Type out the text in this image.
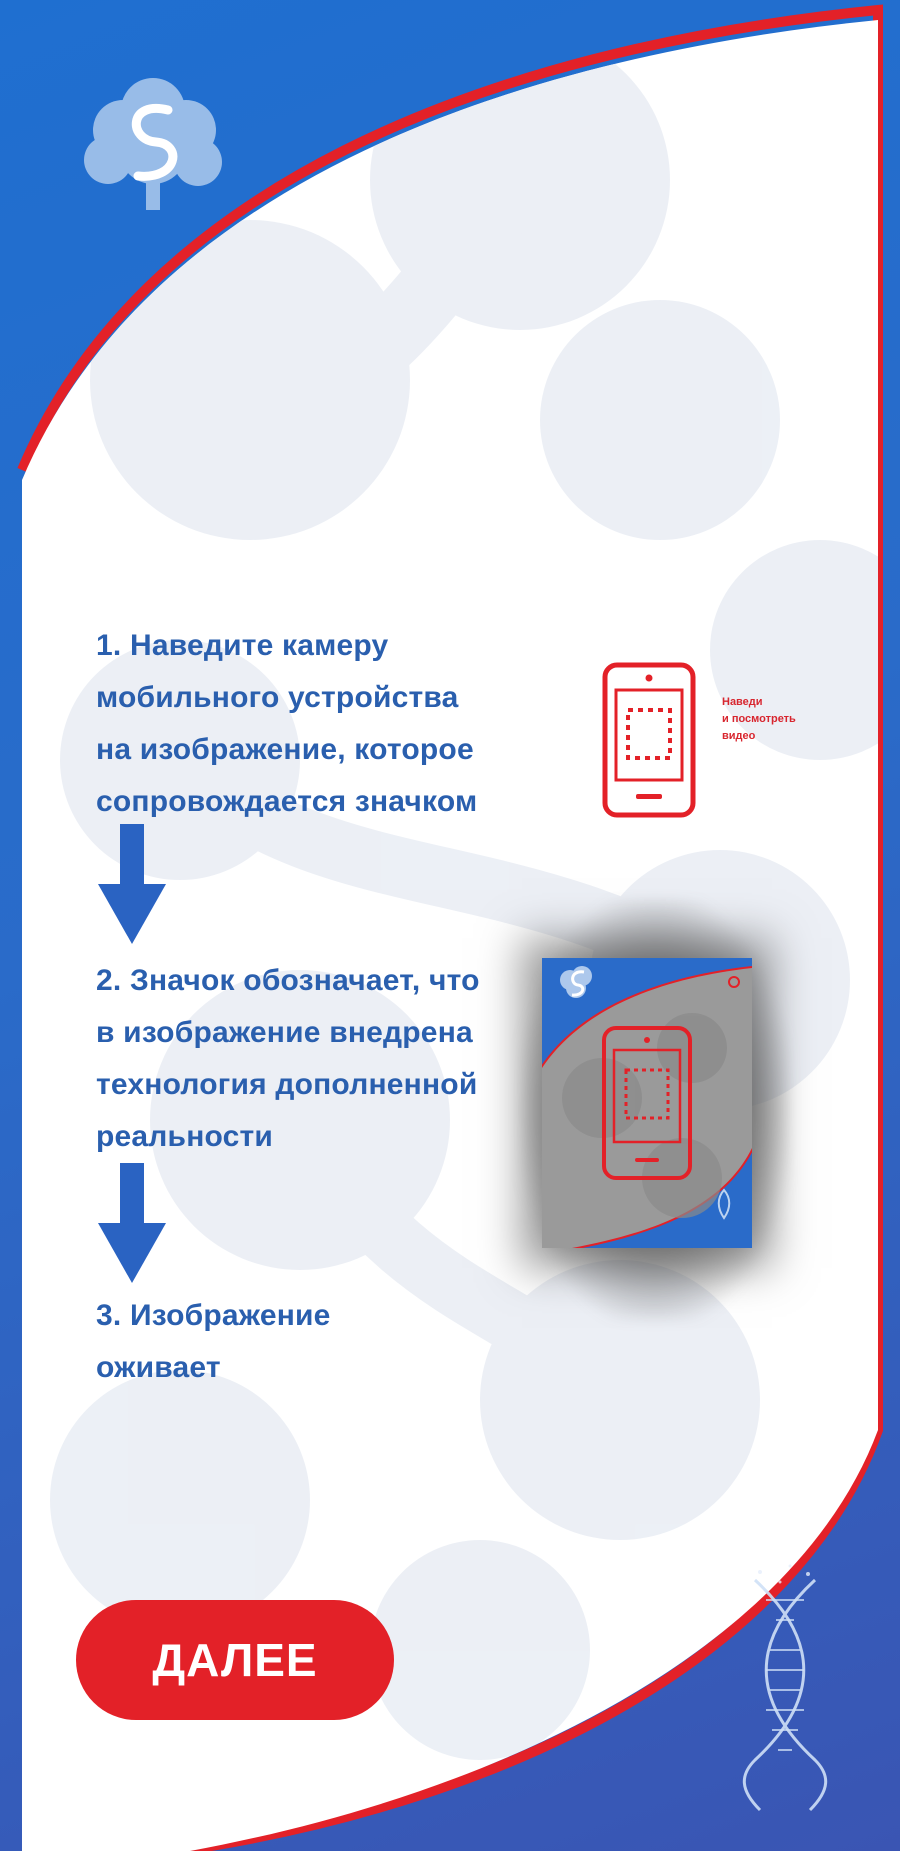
1. Наведите камеру
мобильного устройства
на изображение, которое
сопровождается значком

2. Значок обозначает, что
в изображение внедрена
технология дополненной
реальности

3. Изображение
оживает

Наведи
и посмотреть
видео

ДАЛЕЕ
